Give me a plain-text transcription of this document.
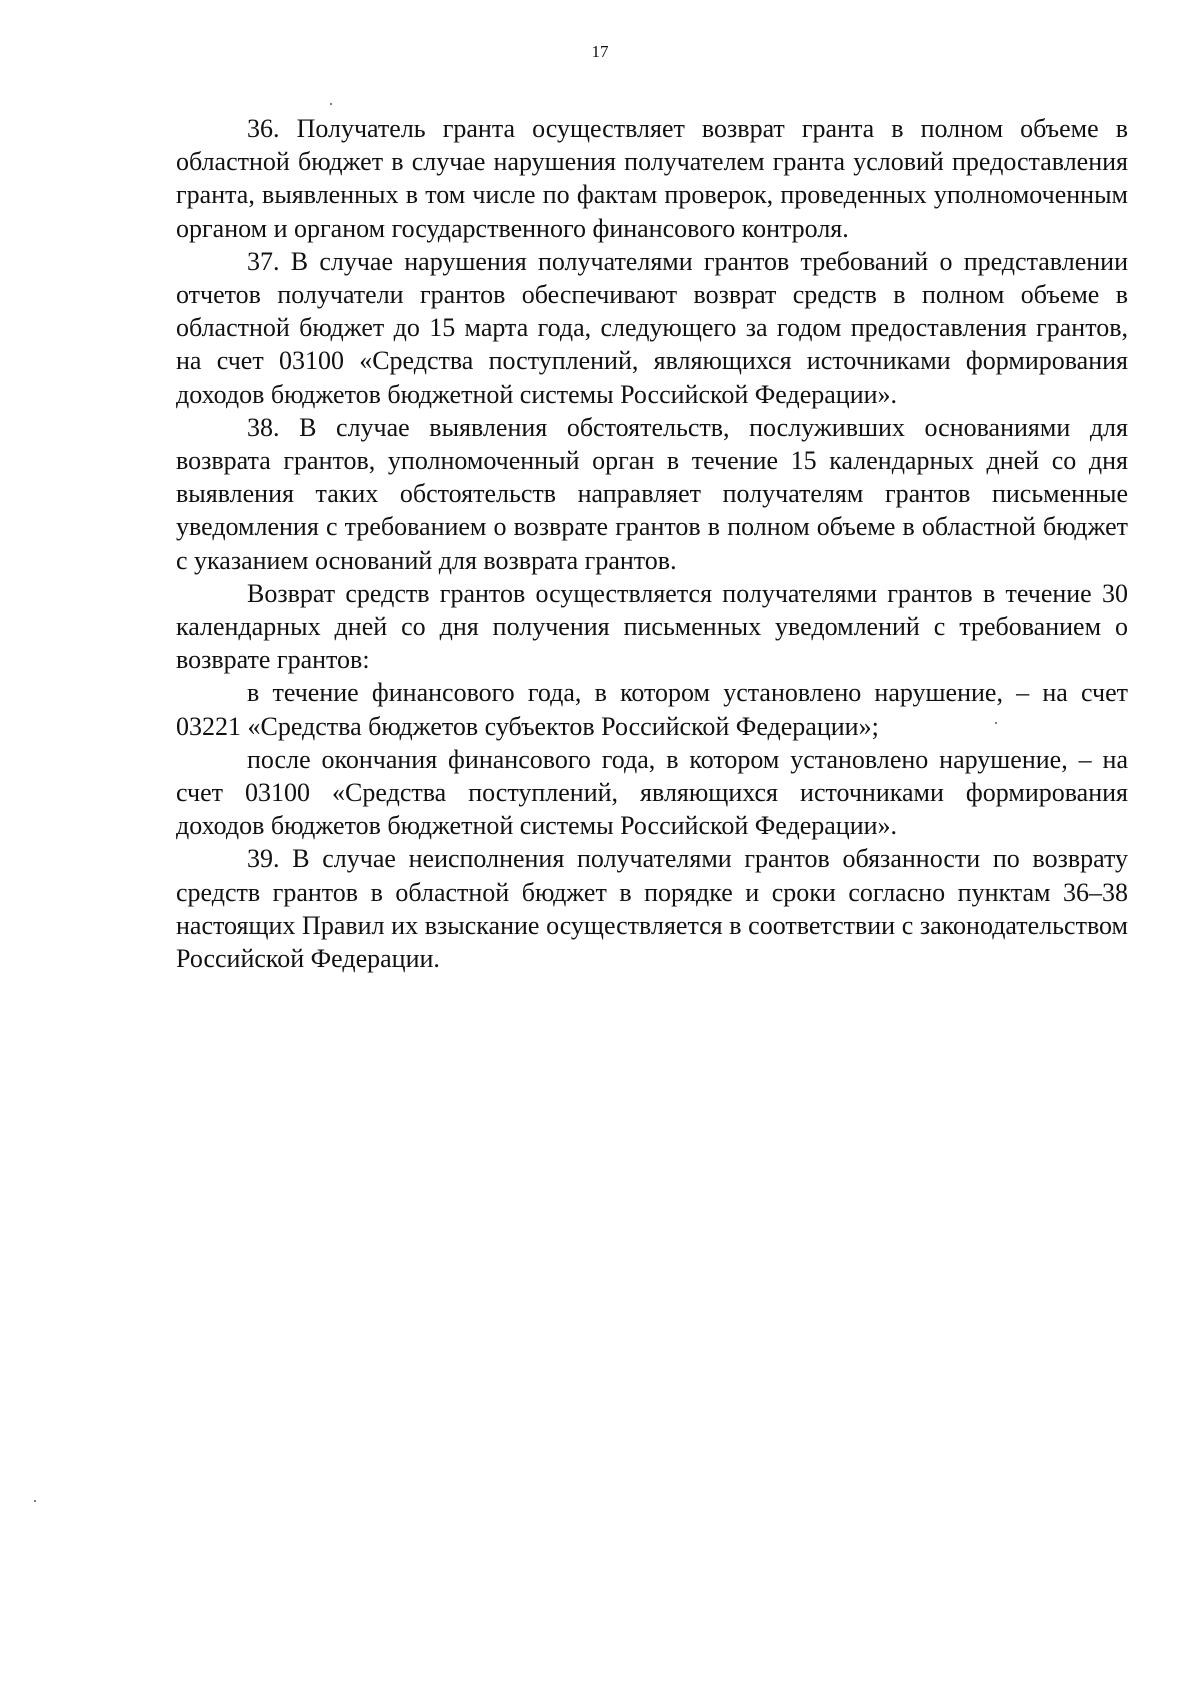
17

36. Получатель гранта осуществляет возврат гранта в полном объеме в областной бюджет в случае нарушения получателем гранта условий предоставления гранта, выявленных в том числе по фактам проверок, проведенных уполномоченным органом и органом государственного финансового контроля.

37. В случае нарушения получателями грантов требований о представлении отчетов получатели грантов обеспечивают возврат средств в полном объеме в областной бюджет до 15 марта года, следующего за годом предоставления грантов, на счет 03100 «Средства поступлений, являющихся источниками формирования доходов бюджетов бюджетной системы Российской Федерации».

38. В случае выявления обстоятельств, послуживших основаниями для возврата грантов, уполномоченный орган в течение 15 календарных дней со дня выявления таких обстоятельств направляет получателям грантов письменные уведомления с требованием о возврате грантов в полном объеме в областной бюджет с указанием оснований для возврата грантов.

Возврат средств грантов осуществляется получателями грантов в течение 30 календарных дней со дня получения письменных уведомлений с требованием о возврате грантов:

в течение финансового года, в котором установлено нарушение, – на счет 03221 «Средства бюджетов субъектов Российской Федерации»;

после окончания финансового года, в котором установлено нарушение, – на счет 03100 «Средства поступлений, являющихся источниками формирования доходов бюджетов бюджетной системы Российской Федерации».

39. В случае неисполнения получателями грантов обязанности по возврату средств грантов в областной бюджет в порядке и сроки согласно пунктам 36–38 настоящих Правил их взыскание осуществляется в соответствии с законодательством Российской Федерации.
